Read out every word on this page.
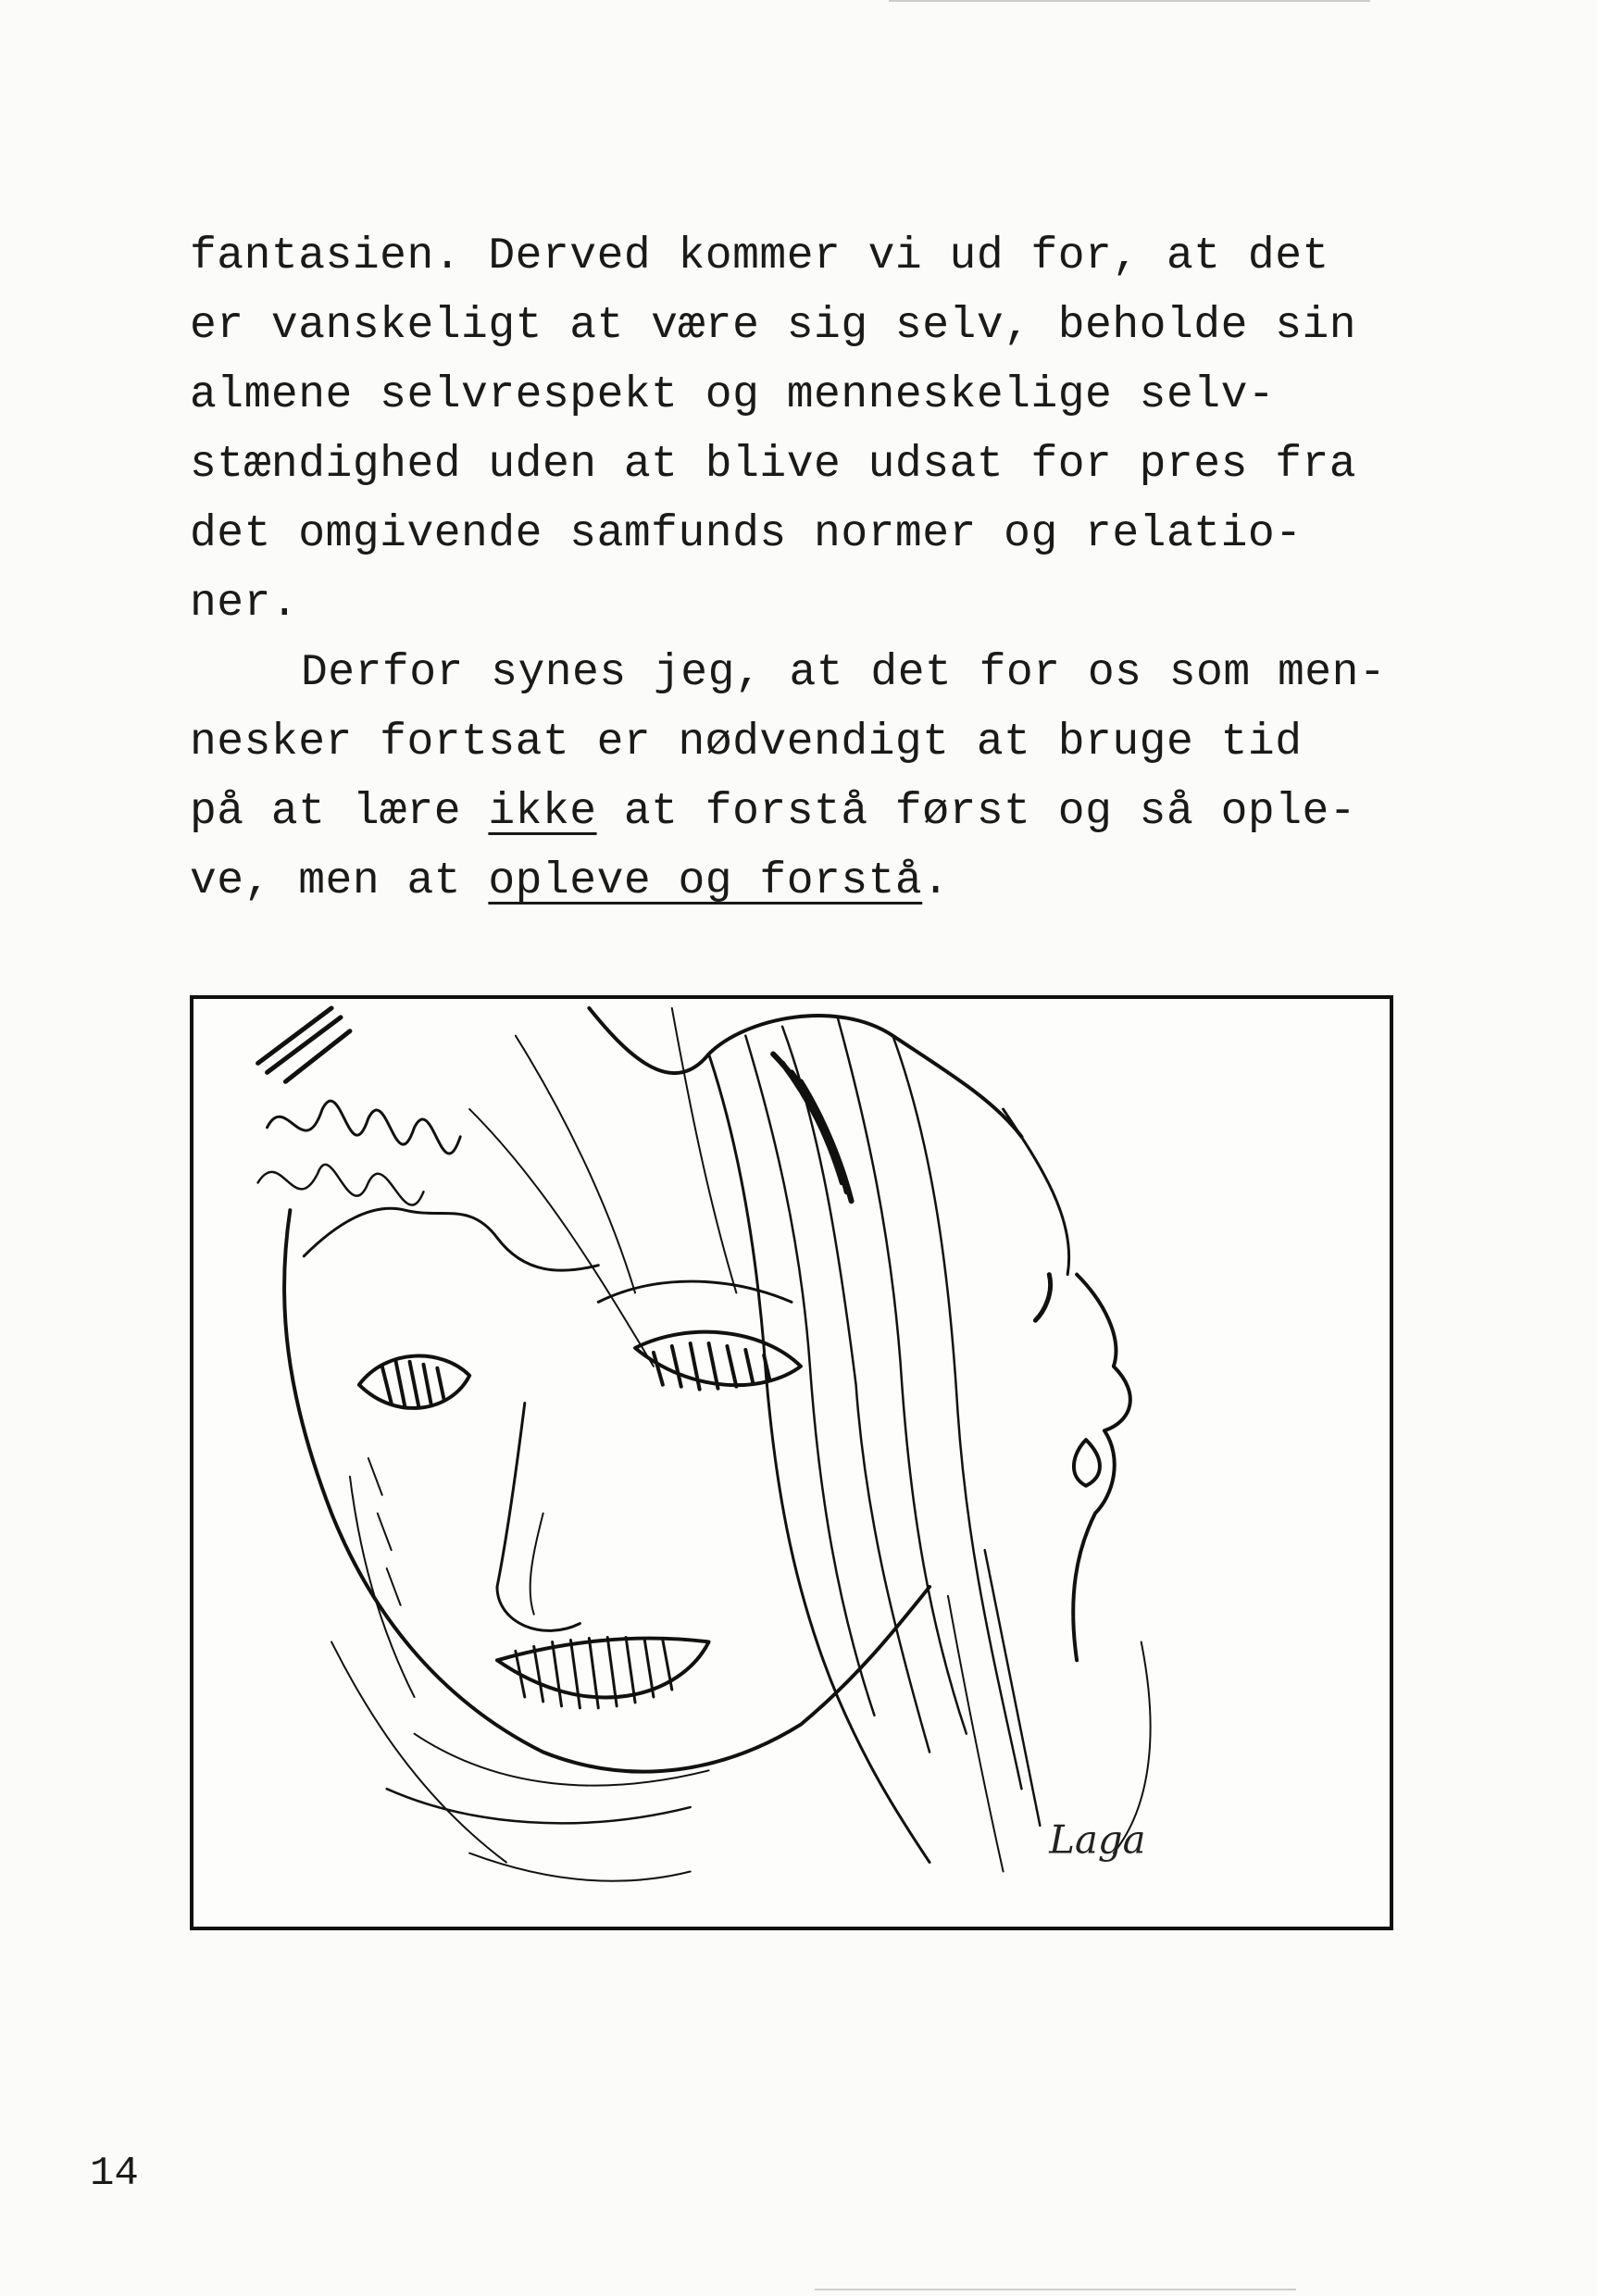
fantasien. Derved kommer vi ud for, at det
er vanskeligt at være sig selv, beholde sin
almene selvrespekt og menneskelige selv-
stændighed uden at blive udsat for pres fra
det omgivende samfunds normer og relatio-
ner.
Derfor synes jeg, at det for os som men-
nesker fortsat er nødvendigt at bruge tid
på at lære ikke at forstå først og så ople-
ve, men at opleve og forstå.
Laga
14
